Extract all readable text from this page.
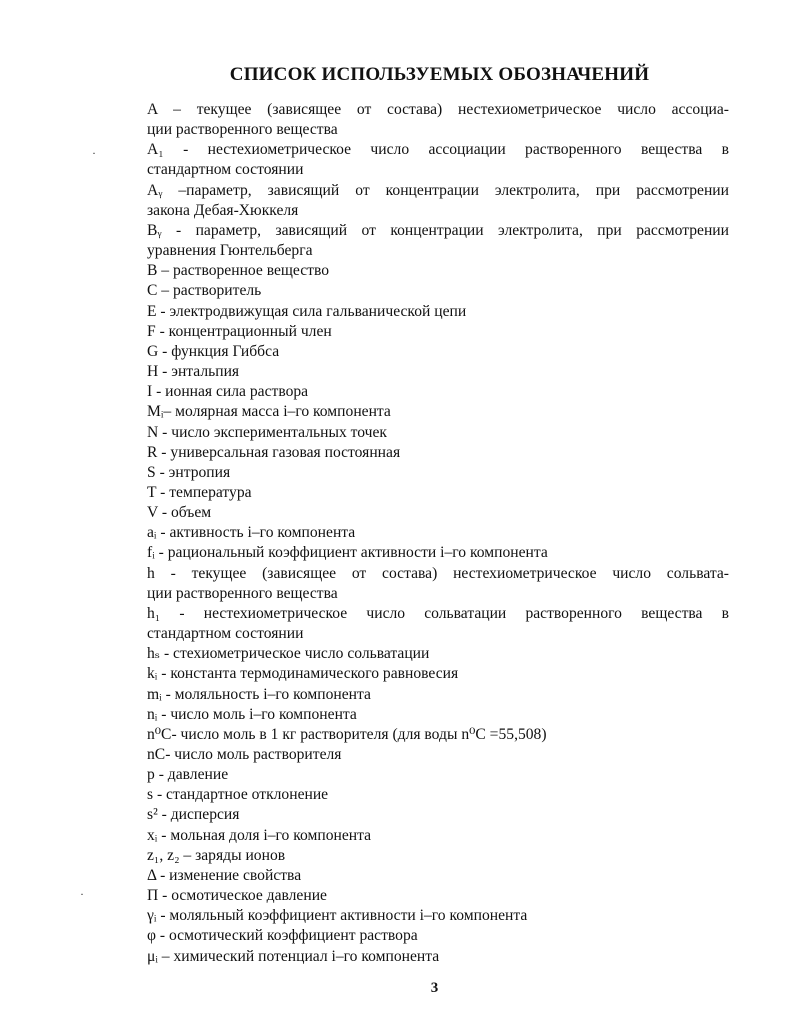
СПИСОК ИСПОЛЬЗУЕМЫХ ОБОЗНАЧЕНИЙ
A – текущее (зависящее от состава) нестехиометрическое число ассоциа-
ции растворенного вещества
A₁ - нестехиометрическое число ассоциации растворенного вещества в
стандартном состоянии
Aᵧ –параметр, зависящий от концентрации электролита, при рассмотрении
закона Дебая-Хюккеля
Bᵧ - параметр, зависящий от концентрации электролита, при рассмотрении
уравнения Гюнтельберга
B – растворенное вещество
C – растворитель
E - электродвижущая сила гальванической цепи
F - концентрационный член
G - функция Гиббса
H - энтальпия
I - ионная сила раствора
Mᵢ– молярная масса i–го компонента
N - число экспериментальных точек
R - универсальная газовая постоянная
S - энтропия
T - температура
V - объем
aᵢ - активность i–го компонента
fᵢ - рациональный коэффициент активности i–го компонента
h - текущее (зависящее от состава) нестехиометрическое число сольвата-
ции растворенного вещества
h₁ - нестехиометрическое число сольватации растворенного вещества в
стандартном состоянии
hₛ - стехиометрическое число сольватации
kᵢ - константа термодинамического равновесия
mᵢ - моляльность i–го компонента
nᵢ - число моль i–го компонента
n⁰C- число моль в 1 кг растворителя (для воды n⁰C =55,508)
nC- число моль растворителя
p - давление
s - стандартное отклонение
s² - дисперсия
xᵢ - мольная доля i–го компонента
z₁, z₂ – заряды ионов
Δ - изменение свойства
Π - осмотическое давление
γᵢ - моляльный коэффициент активности i–го компонента
φ - осмотический коэффициент раствора
μᵢ – химический потенциал i–го компонента
3
·
·
